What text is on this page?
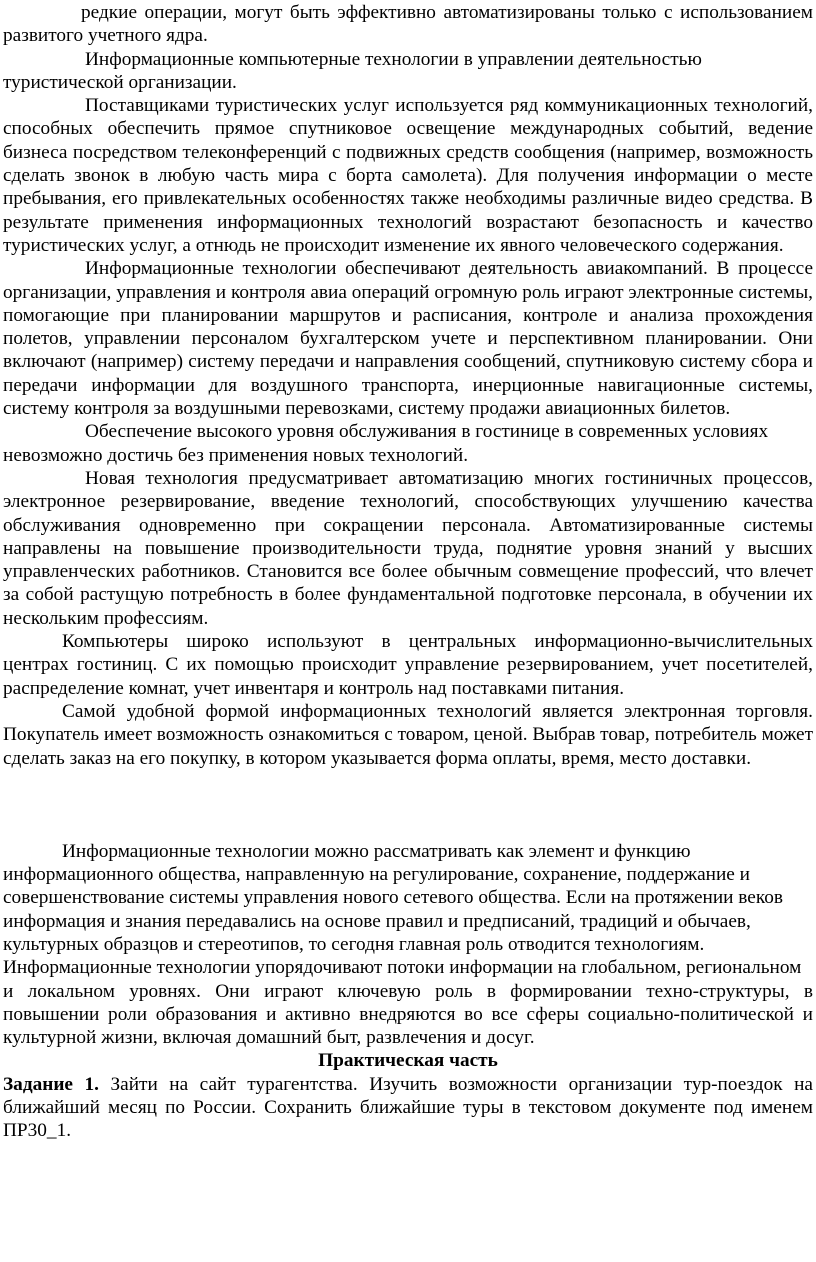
редкие операции, могут быть эффективно автоматизированы только с использованием развитого учетного ядра.

Информационные компьютерные технологии в управлении деятельностью туристической организации.

Поставщиками туристических услуг используется ряд коммуникационных технологий, способных обеспечить прямое спутниковое освещение международных событий, ведение бизнеса посредством телеконференций с подвижных средств сообщения (например, возможность сделать звонок в любую часть мира с борта самолета). Для получения информации о месте пребывания, его привлекательных особенностях также необходимы различные видео средства. В результате применения информационных технологий возрастают безопасность и качество туристических услуг, а отнюдь не происходит изменение их явного человеческого содержания.

Информационные технологии обеспечивают деятельность авиакомпаний. В процессе организации, управления и контроля авиа операций огромную роль играют электронные системы, помогающие при планировании маршрутов и расписания, контроле и анализа прохождения полетов, управлении персоналом бухгалтерском учете и перспективном планировании. Они включают (например) систему передачи и направления сообщений, спутниковую систему сбора и передачи информации для воздушного транспорта, инерционные навигационные системы, систему контроля за воздушными перевозками, систему продажи авиационных билетов.

Обеспечение высокого уровня обслуживания в гостинице в современных условиях невозможно достичь без применения новых технологий.

Новая технология предусматривает автоматизацию многих гостиничных процессов, электронное резервирование, введение технологий, способствующих улучшению качества обслуживания одновременно при сокращении персонала. Автоматизированные системы направлены на повышение производительности труда, поднятие уровня знаний у высших управленческих работников. Становится все более обычным совмещение профессий, что влечет за собой растущую потребность в более фундаментальной подготовке персонала, в обучении их нескольким профессиям.

Компьютеры широко используют в центральных информационно-вычислительных центрах гостиниц. С их помощью происходит управление резервированием, учет посетителей, распределение комнат, учет инвентаря и контроль над поставками питания.

Самой удобной формой информационных технологий является электронная торговля. Покупатель имеет возможность ознакомиться с товаром, ценой. Выбрав товар, потребитель может сделать заказ на его покупку, в котором указывается форма оплаты, время, место доставки.

Информационные технологии можно рассматривать как элемент и функцию информационного общества, направленную на регулирование, сохранение, поддержание и совершенствование системы управления нового сетевого общества. Если на протяжении веков информация и знания передавались на основе правил и предписаний, традиций и обычаев, культурных образцов и стереотипов, то сегодня главная роль отводится технологиям. Информационные технологии упорядочивают потоки информации на глобальном, региональном

и локальном уровнях. Они играют ключевую роль в формировании техно-структуры, в повышении роли образования и активно внедряются во все сферы социально-политической и культурной жизни, включая домашний быт, развлечения и досуг.

Практическая часть

Задание 1. Зайти на сайт турагентства. Изучить возможности организации тур-поездок на ближайший месяц по России. Сохранить ближайшие туры в текстовом документе под именем ПР30_1.
